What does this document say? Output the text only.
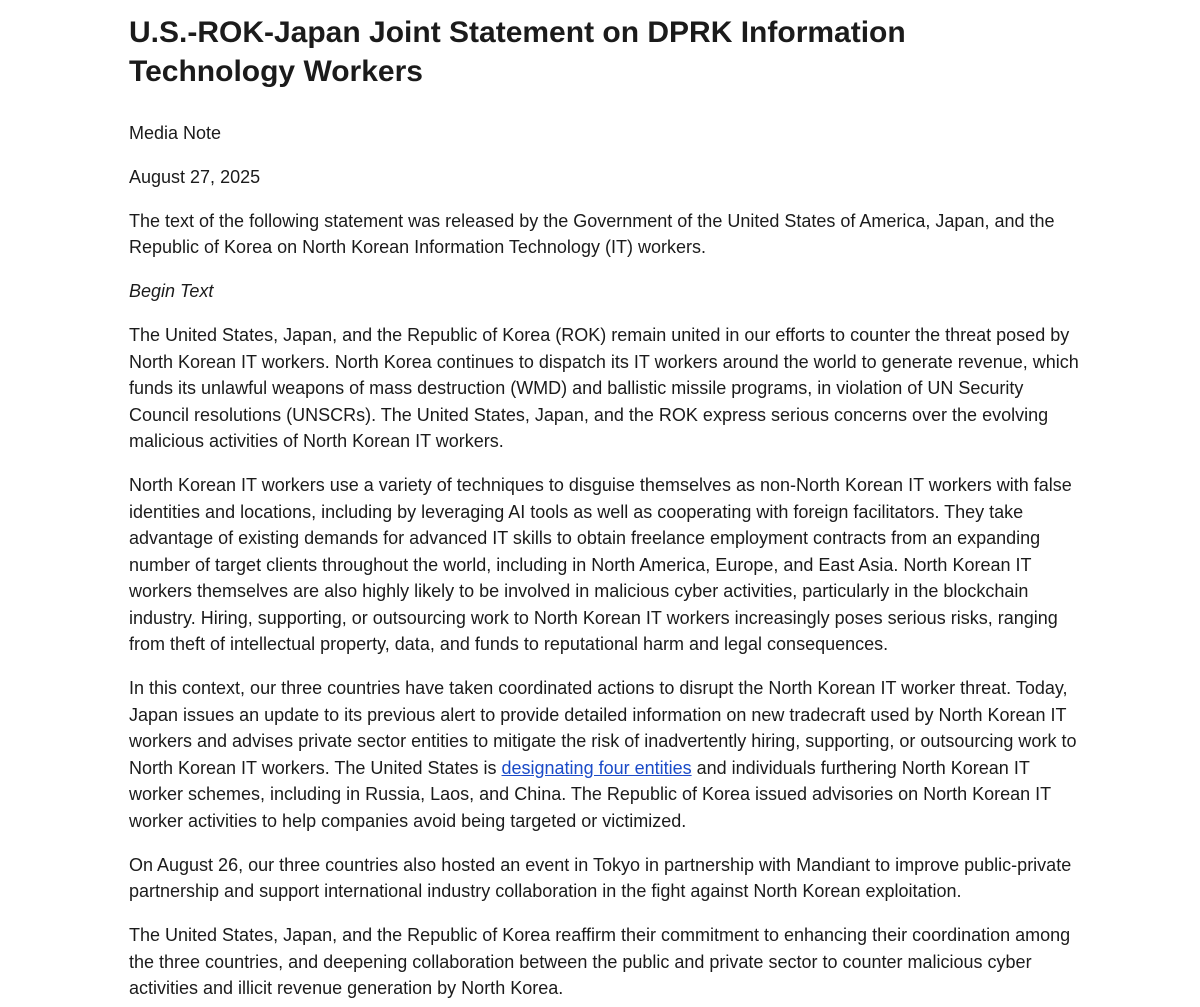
U.S.-ROK-Japan Joint Statement on DPRK Information Technology Workers
Media Note
August 27, 2025

The text of the following statement was released by the Government of the United States of America, Japan, and the Republic of Korea on North Korean Information Technology (IT) workers.

Begin Text

The United States, Japan, and the Republic of Korea (ROK) remain united in our efforts to counter the threat posed by North Korean IT workers. North Korea continues to dispatch its IT workers around the world to generate revenue, which funds its unlawful weapons of mass destruction (WMD) and ballistic missile programs, in violation of UN Security Council resolutions (UNSCRs). The United States, Japan, and the ROK express serious concerns over the evolving malicious activities of North Korean IT workers.

North Korean IT workers use a variety of techniques to disguise themselves as non-North Korean IT workers with false identities and locations, including by leveraging AI tools as well as cooperating with foreign facilitators. They take advantage of existing demands for advanced IT skills to obtain freelance employment contracts from an expanding number of target clients throughout the world, including in North America, Europe, and East Asia. North Korean IT workers themselves are also highly likely to be involved in malicious cyber activities, particularly in the blockchain industry. Hiring, supporting, or outsourcing work to North Korean IT workers increasingly poses serious risks, ranging from theft of intellectual property, data, and funds to reputational harm and legal consequences.

In this context, our three countries have taken coordinated actions to disrupt the North Korean IT worker threat. Today, Japan issues an update to its previous alert to provide detailed information on new tradecraft used by North Korean IT workers and advises private sector entities to mitigate the risk of inadvertently hiring, supporting, or outsourcing work to North Korean IT workers. The United States is designating four entities and individuals furthering North Korean IT worker schemes, including in Russia, Laos, and China. The Republic of Korea issued advisories on North Korean IT worker activities to help companies avoid being targeted or victimized.

On August 26, our three countries also hosted an event in Tokyo in partnership with Mandiant to improve public-private partnership and support international industry collaboration in the fight against North Korean exploitation.

The United States, Japan, and the Republic of Korea reaffirm their commitment to enhancing their coordination among the three countries, and deepening collaboration between the public and private sector to counter malicious cyber activities and illicit revenue generation by North Korea.
